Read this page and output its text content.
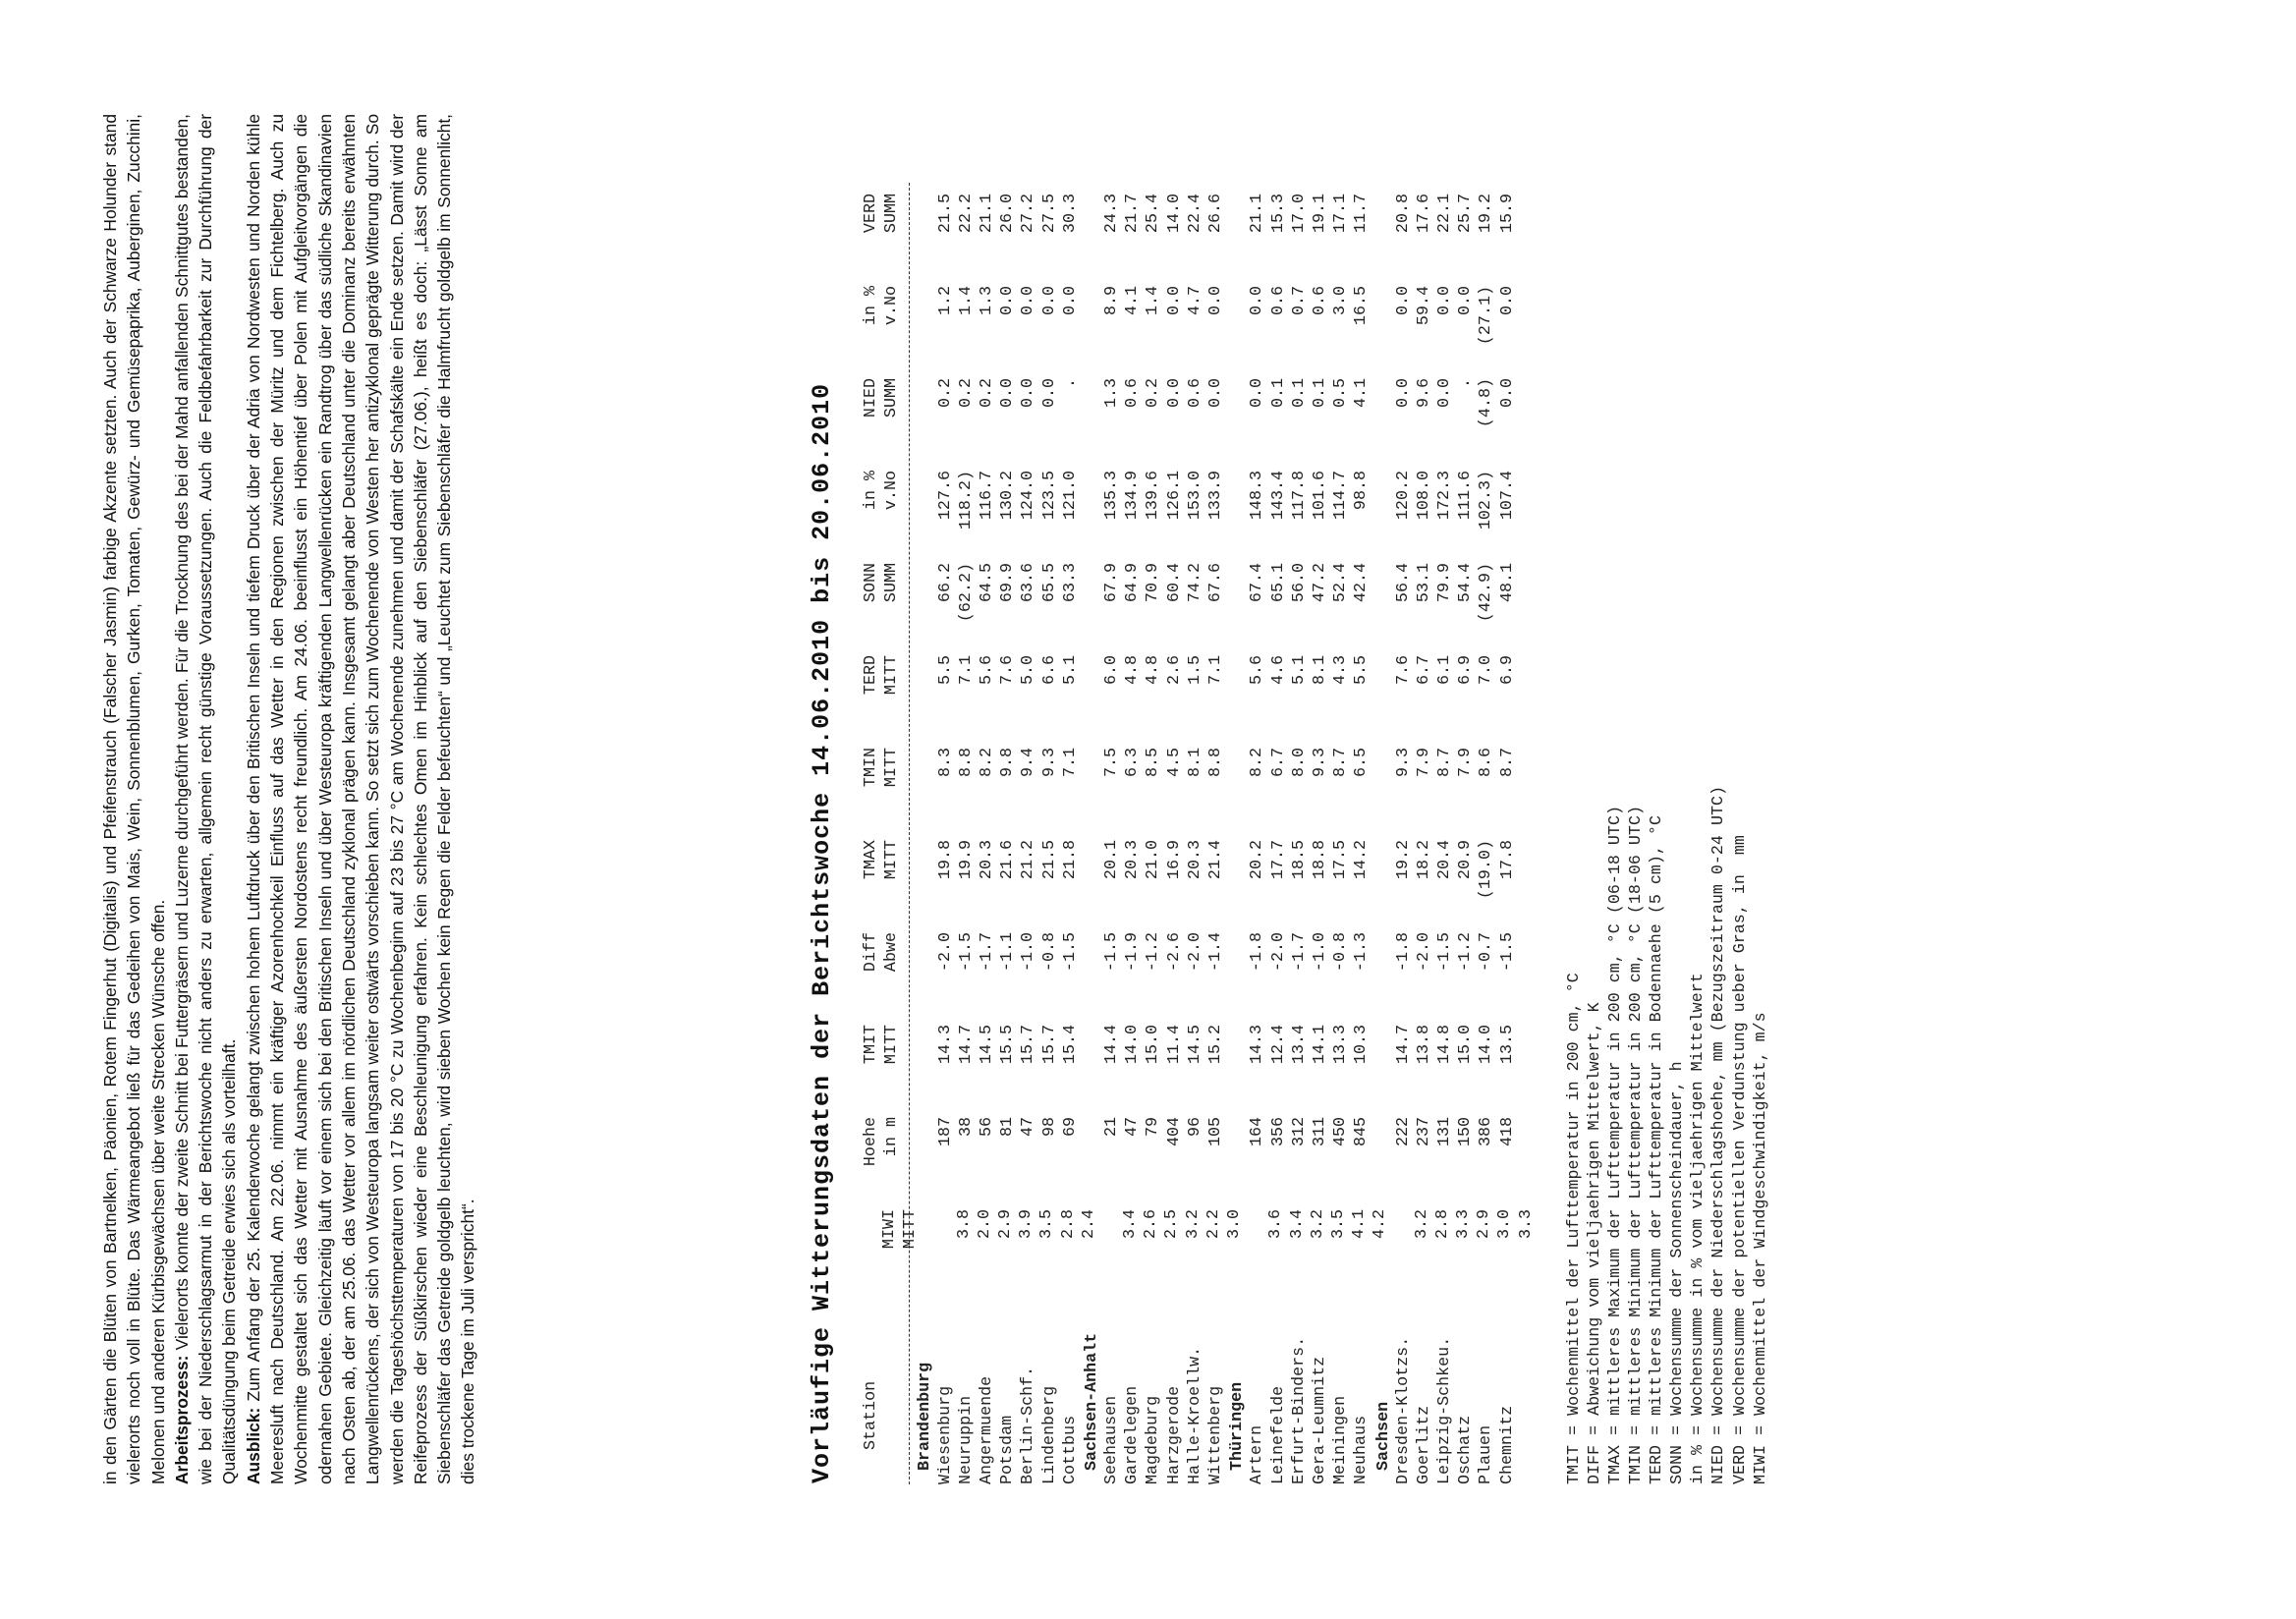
in den Gärten die Blüten von Bartnelken, Päonien, Rotem Fingerhut (Digitalis) und Pfeifenstrauch (Falscher Jasmin) farbige Akzente setzten. Auch der Schwarze Holunder stand vielerorts noch voll in Blüte. Das Wärmeangebot ließ für das Gedeihen von Mais, Wein, Sonnenblumen, Gurken, Tomaten, Gewürz- und Gemüsepaprika, Auberginen, Zucchini, Melonen und anderen Kürbisgewächsen über weite Strecken Wünsche offen. Arbeitsprozess: Vielerorts konnte der zweite Schnitt bei Futtergräsern und Luzerne durchgeführt werden. Für die Trocknung des bei der Mahd anfallenden Schnittgutes bestanden, wie bei der Niederschlagsarmut in der Berichtswoche nicht anders zu erwarten, allgemein recht günstige Voraussetzungen. Auch die Feldbefahrbarkeit zur Durchführung der Qualitätsdüngung beim Getreide erwies sich als vorteilhaft. Ausblick: Zum Anfang der 25. Kalenderwoche gelangt zwischen hohem Luftdruck über den Britischen Inseln und tiefem Druck über der Adria von Nordwesten und Norden kühle Meeresluft nach Deutschland. Am 22.06. nimmt ein kräftiger Azorenhochkeil Einfluss auf das Wetter in den Regionen zwischen der Müritz und dem Fichtelberg. Auch zu Wochenmitte gestaltet sich das Wetter mit Ausnahme des äußersten Nordostens recht freundlich. Am 24.06. beeinflusst ein Höhentief über Polen mit Aufgleitvorgängen die odernahen Gebiete. Gleichzeitig läuft vor einem sich bei den Britischen Inseln und über Westeuropa kräftigenden Langwellenrücken ein Randtrog über das südliche Skandinavien nach Osten ab, der am 25.06. das Wetter vor allem im nördlichen Deutschland zyklonal prägen kann. Insgesamt gelangt aber Deutschland unter die Dominanz bereits erwähnten Langwellenrückens, der sich von Westeuropa langsam weiter ostwärts vorschieben kann. So setzt sich zum Wochenende von Westen her antizyklonal geprägte Witterung durch. So werden die Tageshöchsttemperaturen von 17 bis 20 °C zu Wochenbeginn auf 23 bis 27 °C am Wochenende zunehmen und damit der Schafskälte ein Ende setzen. Damit wird der Reifeprozess der Süßkirschen wieder eine Beschleunigung erfahren. Kein schlechtes Omen im Hinblick auf den Siebenschläfer (27.06.), heißt es doch: „Lässt Sonne am Siebenschläfer das Getreide goldgelb leuchten, wird sieben Wochen kein Regen die Felder befeuchten“ und „Leuchtet zum Siebenschläfer die Halmfrucht goldgelb im Sonnenlicht, dies trockene Tage im Juli verspricht“.	Vorläufige Witterungsdaten der Berichtswoche 14.06.2010 bis 20.06.2010 Station
Hoehe
TMIT
Diff
TMAX
TMIN
TERD
SONN
in %
NIED
in %
VERD
MIWI
in m
MITT
Abwe
MITT
MITT
MITT
SUMM
v.No
SUMM
v.No
SUMM
MITT
Brandenburg Wiesenburg
187
14.3
-2.0
19.8
8.3
5.5
66.2
127.6
0.2
1.2
21.5
3.8
Neuruppin
38
14.7
-1.5
19.9
8.8
7.1
(62.2)
118.2)
0.2
1.4
22.2
2.0
Angermuende
56
14.5
-1.7
20.3
8.2
5.6
64.5
116.7
0.2
1.3
21.1
2.9
Potsdam
81
15.5
-1.1
21.6
9.8
7.6
69.9
130.2
0.0
0.0
26.0
3.9
Berlin-Schf.
47
15.7
-1.0
21.2
9.4
5.0
63.6
124.0
0.0
0.0
27.2
3.5
Lindenberg
98
15.7
-0.8
21.5
9.3
6.6
65.5
123.5
0.0
0.0
27.5
2.8
Cottbus
69
15.4
-1.5
21.8
7.1
5.1
63.3
121.0
.
0.0
30.3
2.4
Sachsen-Anhalt Seehausen
21
14.4
-1.5
20.1
7.5
6.0
67.9
135.3
1.3
8.9
24.3
3.4
Gardelegen
47
14.0
-1.9
20.3
6.3
4.8
64.9
134.9
0.6
4.1
21.7
2.6
Magdeburg
79
15.0
-1.2
21.0
8.5
4.8
70.9
139.6
0.2
1.4
25.4
2.5
Harzgerode
404
11.4
-2.6
16.9
4.5
2.6
60.4
126.1
0.0
0.0
14.0
3.2
Halle-Kroellw.
96
14.5
-2.0
20.3
8.1
1.5
74.2
153.0
0.6
4.7
22.4
2.2
Wittenberg
105
15.2
-1.4
21.4
8.8
7.1
67.6
133.9
0.0
0.0
26.6
3.0
Thüringen Artern
164
14.3
-1.8
20.2
8.2
5.6
67.4
148.3
0.0
0.0
21.1
3.6
Leinefelde
356
12.4
-2.0
17.7
6.7
4.6
65.1
143.4
0.1
0.6
15.3
3.4
Erfurt-Binders.
312
13.4
-1.7
18.5
8.0
5.1
56.0
117.8
0.1
0.7
17.0
3.2
Gera-Leumnitz
311
14.1
-1.0
18.8
9.3
8.1
47.2
101.6
0.1
0.6
19.1
3.5
Meiningen
450
13.3
-0.8
17.5
8.7
4.3
52.4
114.7
0.5
3.0
17.1
4.1
Neuhaus
845
10.3
-1.3
14.2
6.5
5.5
42.4
98.8
4.1
16.5
11.7
4.2
Sachsen Dresden-Klotzs.
222
14.7
-1.8
19.2
9.3
7.6
56.4
120.2
0.0
0.0
20.8
3.2
Goerlitz
237
13.8
-2.0
18.2
7.9
6.7
53.1
108.0
9.6
59.4
17.6
2.8
Leipzig-Schkeu.
131
14.8
-1.5
20.4
8.7
6.1
79.9
172.3
0.0
0.0
22.1
3.3
Oschatz
150
15.0
-1.2
20.9
7.9
6.9
54.4
111.6
.
0.0
25.7
2.9
Plauen
386
14.0
-0.7
(19.0)
8.6
7.0
(42.9)
102.3)
(4.8)
(27.1)
19.2
3.0
Chemnitz
418
13.5
-1.5
17.8
8.7
6.9
48.1
107.4
0.0
0.0
15.9
3.3 TMIT = Wochenmittel der Lufttemperatur in 200 cm, °C DIFF = Abweichung vom vieljaehrigen Mittelwert, K TMAX = mittleres Maximum der Lufttemperatur in 200 cm, °C (06-18 UTC) TMIN = mittleres Minimum der Lufttemperatur in 200 cm, °C (18-06 UTC) TERD = mittleres Minimum der Lufttemperatur in Bodennaehe (5 cm), °C SONN = Wochensumme der Sonnenscheindauer, h in % = Wochensumme in % vom vieljaehrigen Mittelwert NIED = Wochensumme der Niederschlagshoehe, mm (Bezugszeitraum 0-24 UTC) VERD = Wochensumme der potentiellen Verdunstung ueber Gras, in  mm MIWI = Wochenmittel der Windgeschwindigkeit, m/s
